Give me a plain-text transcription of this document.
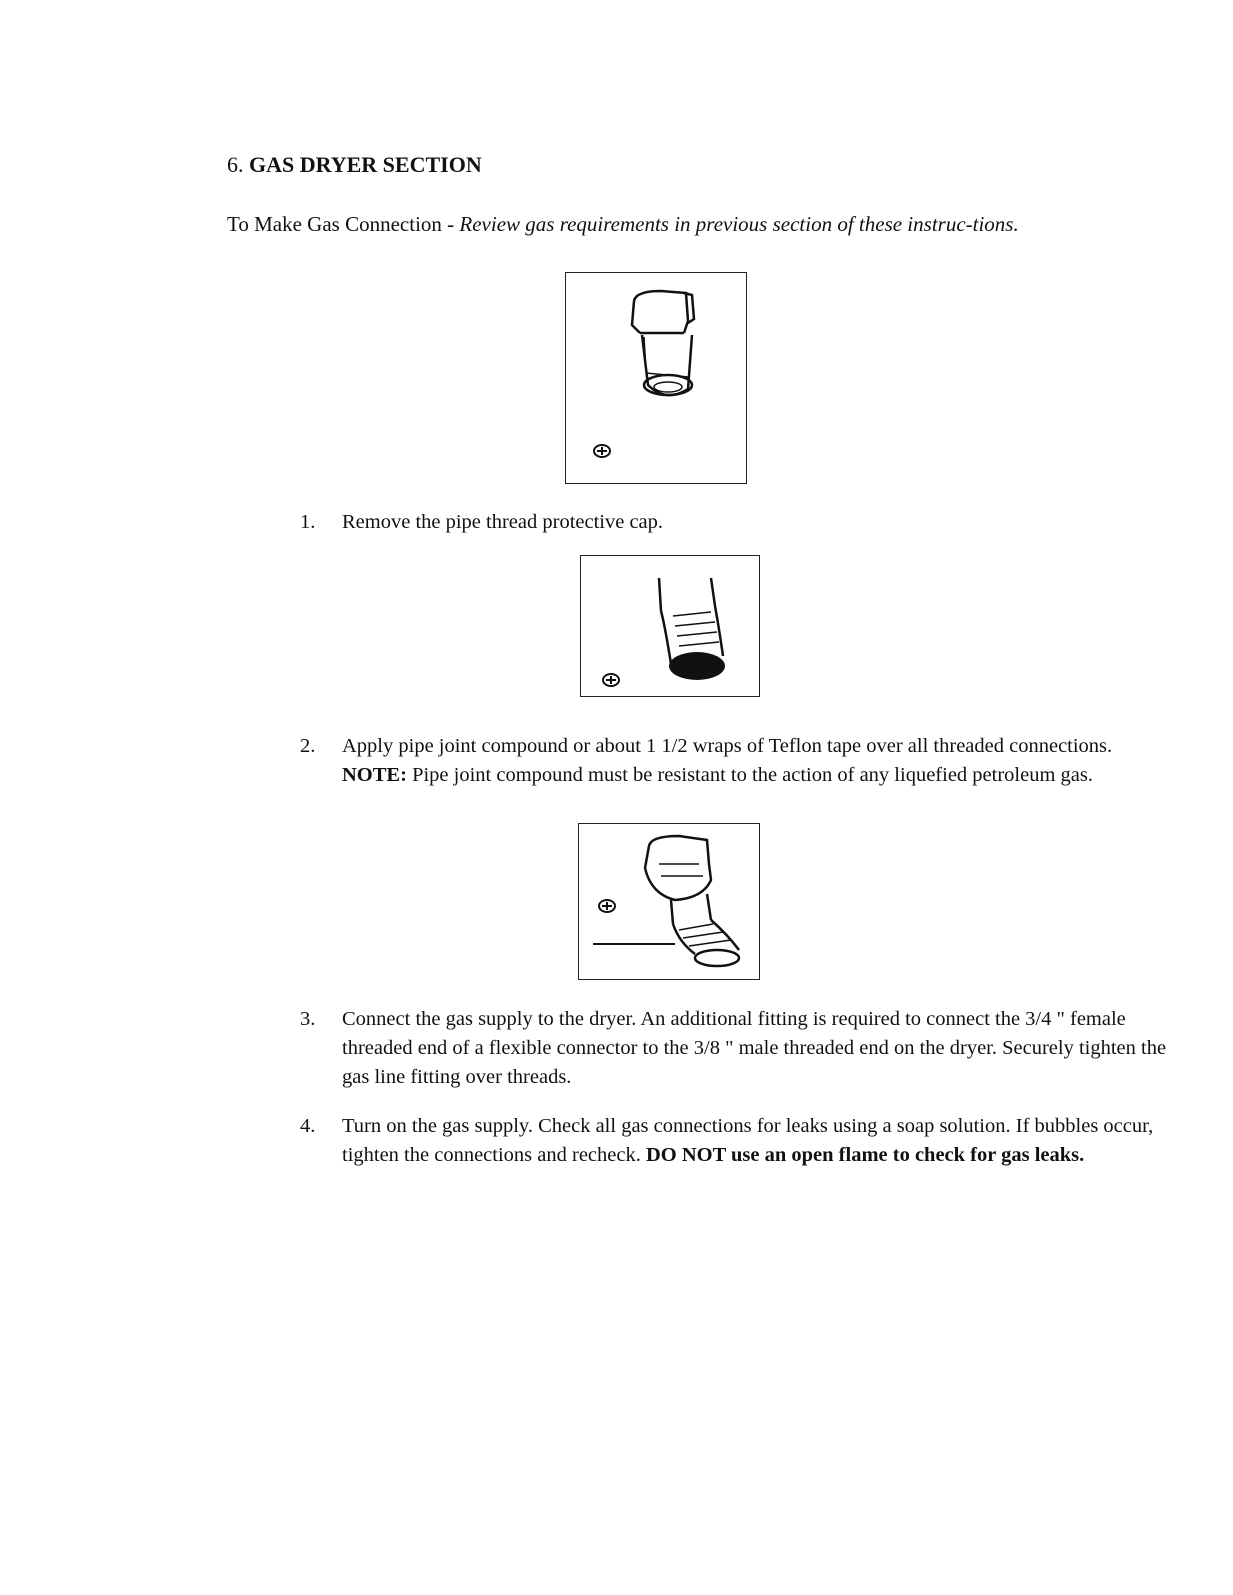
6. GAS DRYER SECTION

To Make Gas Connection - Review gas requirements in previous section of these instruc-tions.

1.	Remove the pipe thread protective cap.
2.	Apply pipe joint compound or about 1 1/2 wraps of Teflon tape over all threaded connections. NOTE: Pipe joint compound must be resistant to the action of any liquefied petroleum gas.
3.	Connect the gas supply to the dryer. An additional fitting is required to connect the 3/4 " female threaded end of a flexible connector to the 3/8 " male threaded end on the dryer. Securely tighten the gas line fitting over threads.
4.	Turn on the gas supply. Check all gas connections for leaks using a soap solution. If bubbles occur, tighten the connections and recheck. DO NOT use an open flame to check for gas leaks.
